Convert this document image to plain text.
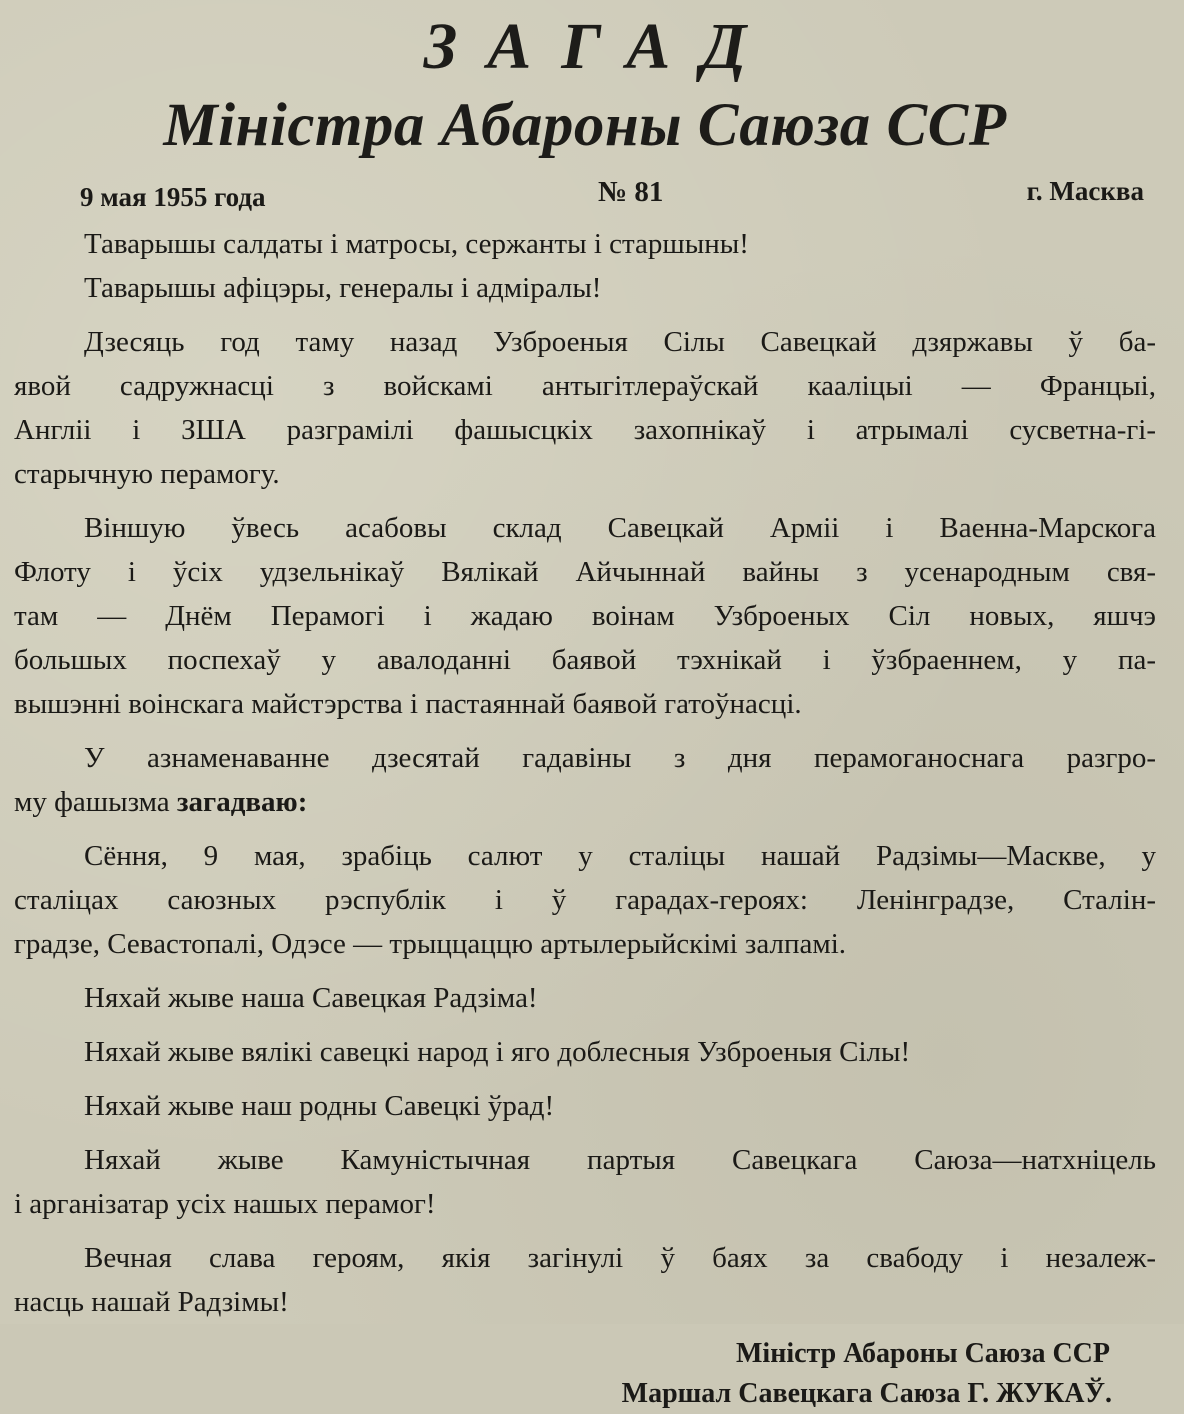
ЗАГАД
Міністра Абароны Саюза ССР
9 мая 1955 года	№ 81	г. Масква

Таварышы салдаты і матросы, сержанты і старшыны!

Таварышы афіцэры, генералы і адміралы!

Дзесяць год таму назад Узброеныя Сілы Савецкай дзяржавы ў ба-
явой садружнасці з войскамі антыгітлераўскай кааліцыі — Францыі,
Англіі і ЗША разграмілі фашысцкіх захопнікаў і атрымалі сусветна-гі-
старычную перамогу.

Віншую ўвесь асабовы склад Савецкай Арміі і Ваенна-Марскога
Флоту і ўсіх удзельнікаў Вялікай Айчыннай вайны з усенародным свя-
там — Днём Перамогі і жадаю воінам Узброеных Сіл новых, яшчэ
большых поспехаў у авалоданні баявой тэхнікай і ўзбраеннем, у па-
вышэнні воінскага майстэрства і пастаяннай баявой гатоўнасці.

У азнаменаванне дзесятай гадавіны з дня перамоганоснага разгро-
му фашызма загадваю:

Сёння, 9 мая, зрабіць салют у сталіцы нашай Радзімы—Маскве, у
сталіцах саюзных рэспублік і ў гарадах-героях: Ленінградзе, Сталін-
градзе, Севастопалі, Одэсе — трыццаццю артылерыйскімі залпамі.

Няхай жыве наша Савецкая Радзіма!

Няхай жыве вялікі савецкі народ і яго доблесныя Узброеныя Сілы!

Няхай жыве наш родны Савецкі ўрад!

Няхай жыве Камуністычная партыя Савецкага Саюза—натхніцель
і арганізатар усіх нашых перамог!

Вечная слава героям, якія загінулі ў баях за свабоду і незалеж-
насць нашай Радзімы!

Міністр Абароны Саюза ССР
Маршал Савецкага Саюза Г. ЖУКАЎ.
